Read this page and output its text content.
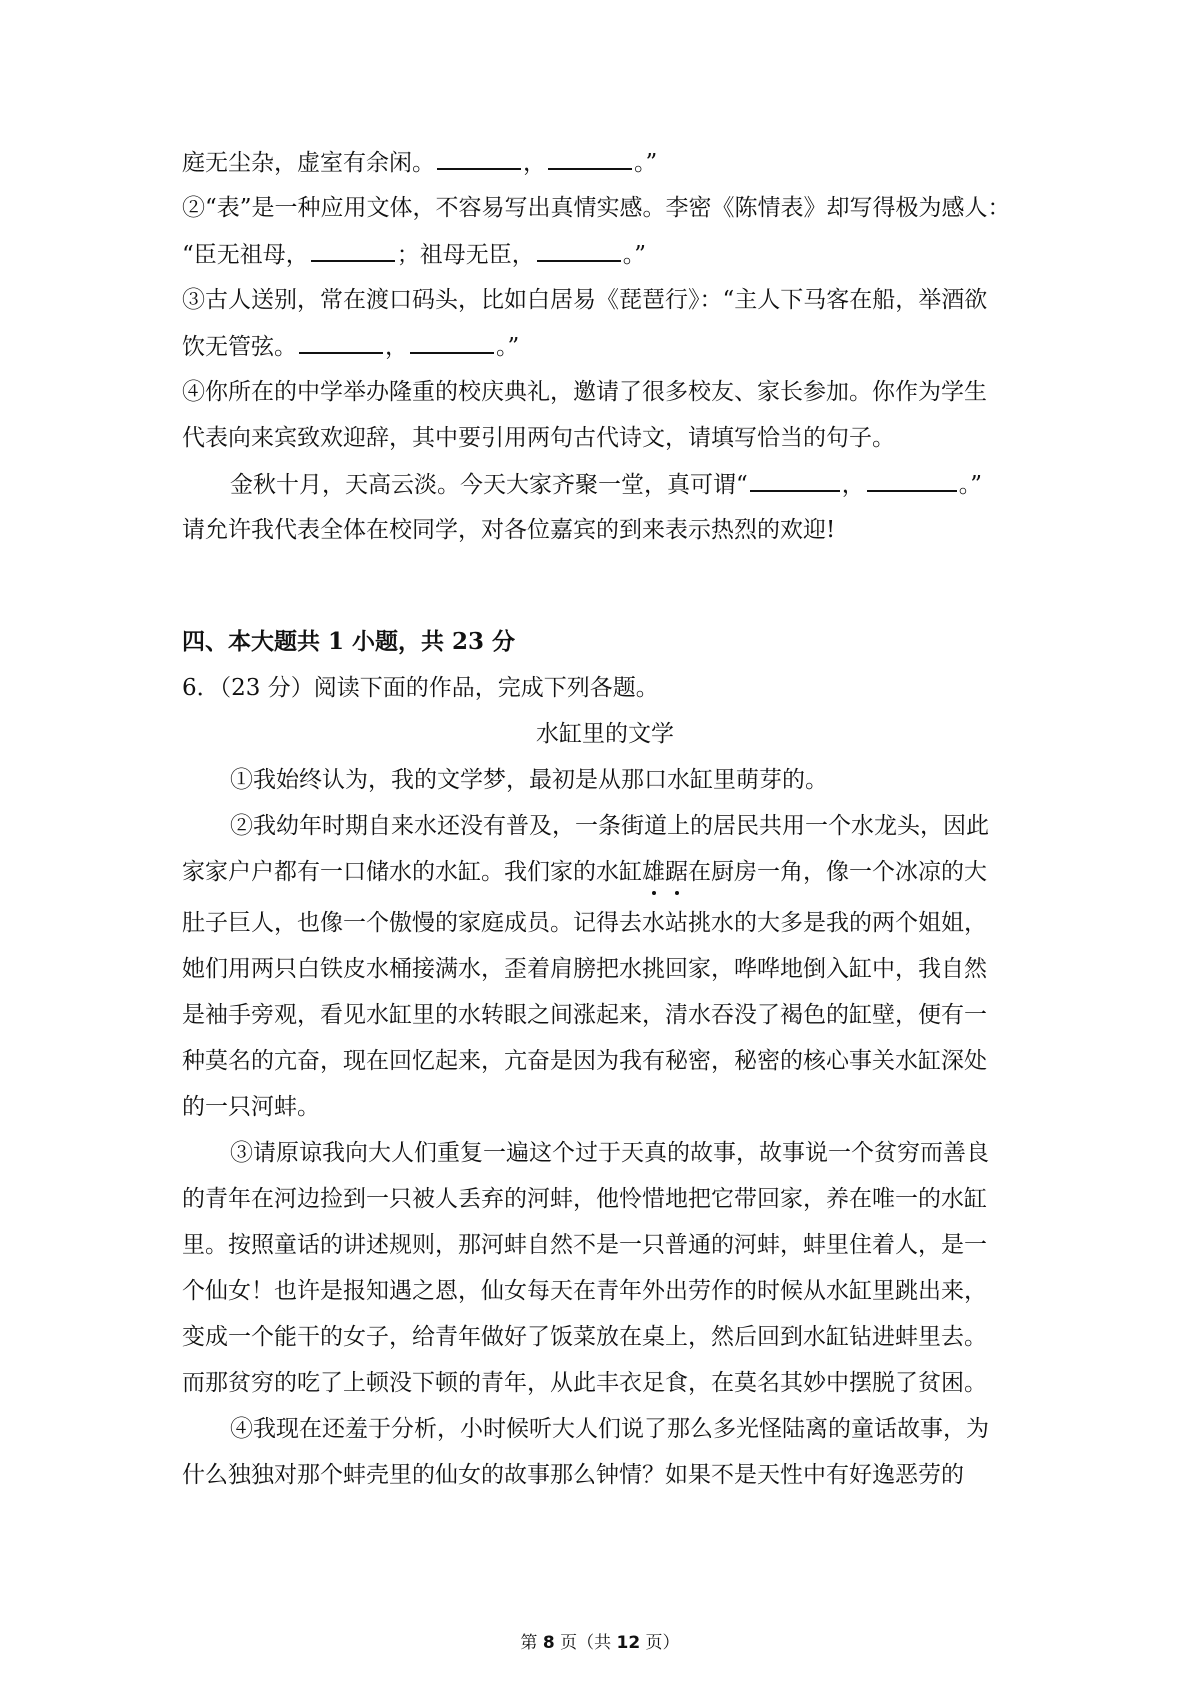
庭无尘杂，虚室有余闲。	，	。”
②“表”是一种应用文体，不容易写出真情实感。李密《陈情表》却写得极为感人：
“臣无祖母，	；祖母无臣，	。”
③古人送别，常在渡口码头，比如白居易《琵琶行》：“主人下马客在船，举酒欲
饮无管弦。	，	。”
④你所在的中学举办隆重的校庆典礼，邀请了很多校友、家长参加。你作为学生
代表向来宾致欢迎辞，其中要引用两句古代诗文，请填写恰当的句子。
金秋十月，天高云淡。今天大家齐聚一堂，真可谓“	，	。”
请允许我代表全体在校同学，对各位嘉宾的到来表示热烈的欢迎!
四、本大题共 1 小题，共 23 分
6．（23 分）阅读下面的作品，完成下列各题。
水缸里的文学
①我始终认为，我的文学梦，最初是从那口水缸里萌芽的。
②我幼年时期自来水还没有普及，一条街道上的居民共用一个水龙头，因此
家家户户都有一口储水的水缸。我们家的水缸雄踞在厨房一角，像一个冰凉的大
肚子巨人，也像一个傲慢的家庭成员。记得去水站挑水的大多是我的两个姐姐，
她们用两只白铁皮水桶接满水，歪着肩膀把水挑回家，哗哗地倒入缸中，我自然
是袖手旁观，看见水缸里的水转眼之间涨起来，清水吞没了褐色的缸壁，便有一
种莫名的亢奋，现在回忆起来，亢奋是因为我有秘密，秘密的核心事关水缸深处
的一只河蚌。
③请原谅我向大人们重复一遍这个过于天真的故事，故事说一个贫穷而善良
的青年在河边捡到一只被人丢弃的河蚌，他怜惜地把它带回家，养在唯一的水缸
里。按照童话的讲述规则，那河蚌自然不是一只普通的河蚌，蚌里住着人，是一
个仙女！也许是报知遇之恩，仙女每天在青年外出劳作的时候从水缸里跳出来，
变成一个能干的女子，给青年做好了饭菜放在桌上，然后回到水缸钻进蚌里去。
而那贫穷的吃了上顿没下顿的青年，从此丰衣足食，在莫名其妙中摆脱了贫困。
④我现在还羞于分析，小时候听大人们说了那么多光怪陆离的童话故事，为
什么独独对那个蚌壳里的仙女的故事那么钟情？如果不是天性中有好逸恶劳的
第 8 页（共 12 页）
